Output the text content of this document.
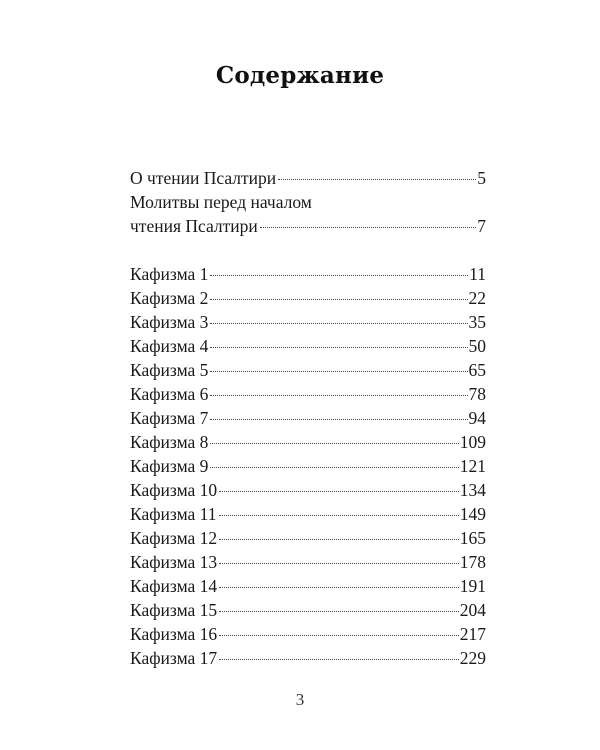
Содержание
О чтении Псалтири	5
Молитвы перед началом
чтения Псалтири	7
Кафизма 1	11
Кафизма 2	22
Кафизма 3	35
Кафизма 4	50
Кафизма 5	65
Кафизма 6	78
Кафизма 7	94
Кафизма 8	109
Кафизма 9	121
Кафизма 10	134
Кафизма 11	149
Кафизма 12	165
Кафизма 13	178
Кафизма 14	191
Кафизма 15	204
Кафизма 16	217
Кафизма 17	229
3
